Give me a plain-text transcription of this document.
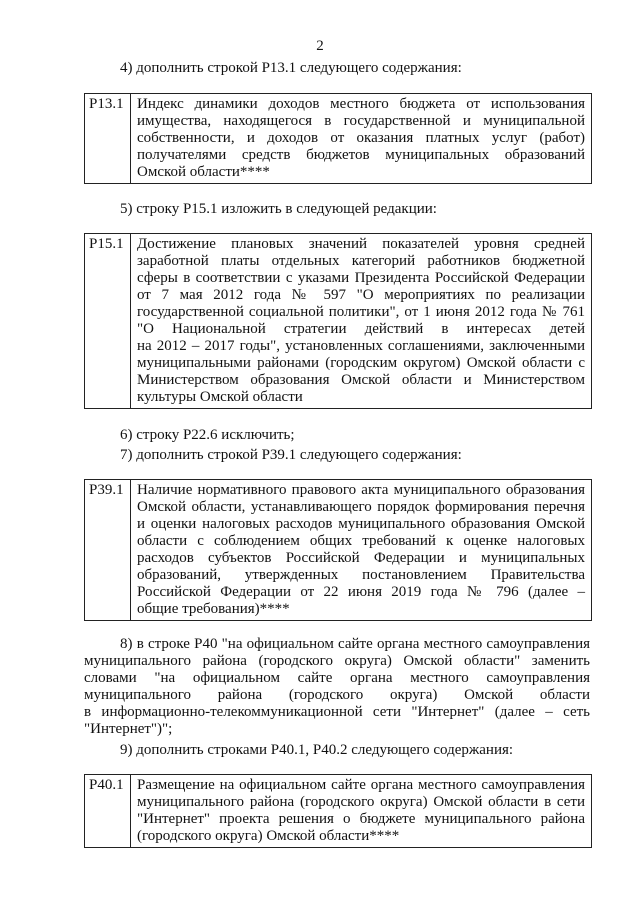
2
4) дополнить строкой P13.1 следующего содержания:
P13.1 Индекс динамики доходов местного бюджета от использования
имущества, находящегося в государственной и муниципальной
собственности, и доходов от оказания платных услуг (работ)
получателями средств бюджетов муниципальных образований
Омской области****
5) строку P15.1 изложить в следующей редакции:
P15.1 Достижение плановых значений показателей уровня средней
заработной платы отдельных категорий работников бюджетной
сферы в соответствии с указами Президента Российской Федерации
от 7 мая 2012 года № 597 "О мероприятиях по реализации
государственной социальной политики", от 1 июня 2012 года № 761
"О Национальной стратегии действий в интересах детей
на 2012 – 2017 годы", установленных соглашениями, заключенными
муниципальными районами (городским округом) Омской области с
Министерством образования Омской области и Министерством
культуры Омской области
6) строку P22.6 исключить;
7) дополнить строкой P39.1 следующего содержания:
P39.1 Наличие нормативного правового акта муниципального образования
Омской области, устанавливающего порядок формирования перечня
и оценки налоговых расходов муниципального образования Омской
области с соблюдением общих требований к оценке налоговых
расходов субъектов Российской Федерации и муниципальных
образований, утвержденных постановлением Правительства
Российской Федерации от 22 июня 2019 года № 796 (далее –
общие требования)****
8) в строке P40 "на официальном сайте органа местного самоуправления
муниципального района (городского округа) Омской области" заменить
словами "на официальном сайте органа местного самоуправления
муниципального района (городского округа) Омской области
в информационно-телекоммуникационной сети "Интернет" (далее – сеть
"Интернет")";
9) дополнить строками P40.1, P40.2 следующего содержания:
P40.1 Размещение на официальном сайте органа местного самоуправления
муниципального района (городского округа) Омской области в сети
"Интернет" проекта решения о бюджете муниципального района
(городского округа) Омской области****
